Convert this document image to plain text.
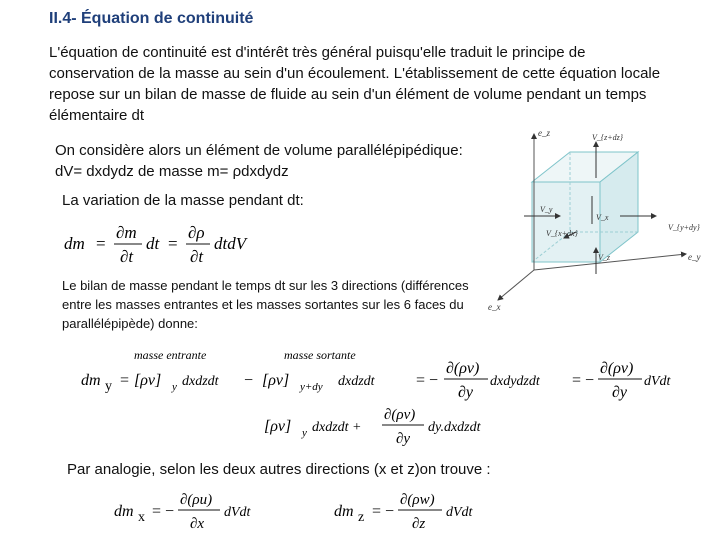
II.4- Équation de continuité
L'équation de continuité est d'intérêt très général puisqu'elle traduit le principe de conservation de la masse au sein d'un écoulement. L'établissement de cette équation locale repose sur un bilan de masse de fluide au sein d'un élément de volume pendant un temps élémentaire dt
On considère alors un élément de volume parallélépipédique: dV= dxdydz de masse m= ρdxdydz
La variation de la masse pendant dt:
Le bilan de masse pendant le temps dt sur les 3 directions (différences entre les masses entrantes et les masses sortantes sur les 6 faces du parallélépipède) donne:
Par analogie, selon les deux autres directions (x et z)on trouve :
dm =
∂m
∂t
dt =
∂ρ
∂t
dtdV
masse entrante	masse sortante
dm y = [ρv] y dxdzdt − [ρv] y+dy dxdzdt	= −
∂(ρv)
∂y
dxdydzdt = −
∂(ρv)
∂y
dVdt
[ρv] y dxdzdt +
∂(ρv)
∂y
dy.dxdzdt
dm x = −
∂(ρu)
∂x
dVdt	dm z = −
∂(ρw)
∂z
dVdt
e_z
e_y
e_x
V_{z+dz}
V_z
V_y
V_{y+dy}
V_x
V_{x+dx}
